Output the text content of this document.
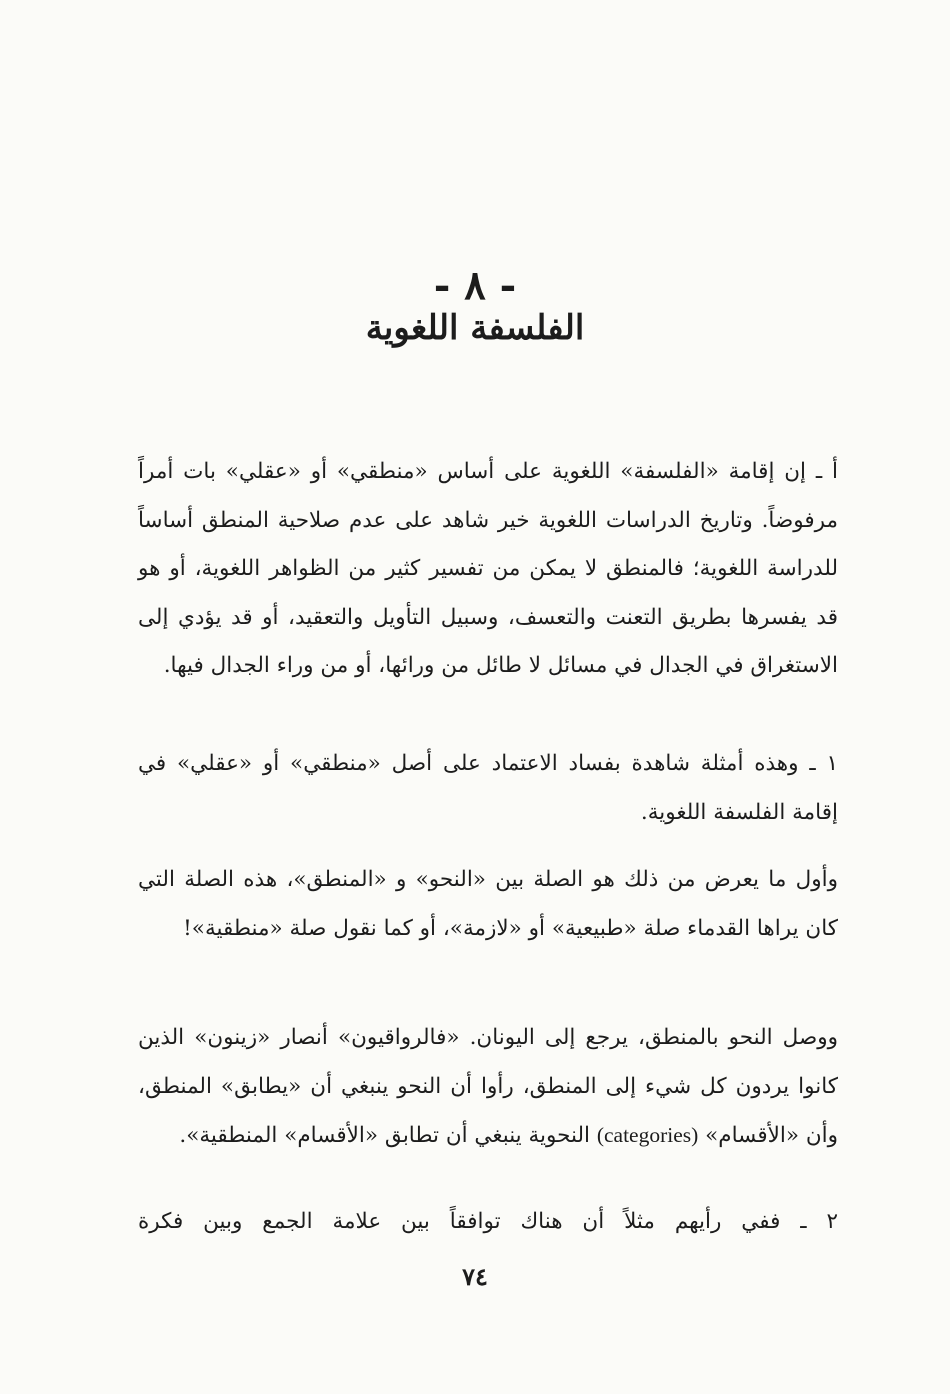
- ٨ -
الفلسفة اللغوية

أ ـ إن إقامة «الفلسفة» اللغوية على أساس «منطقي» أو «عقلي» بات أمراً مرفوضاً. وتاريخ الدراسات اللغوية خير شاهد على عدم صلاحية المنطق أساساً للدراسة اللغوية؛ فالمنطق لا يمكن من تفسير كثير من الظواهر اللغوية، أو هو قد يفسرها بطريق التعنت والتعسف، وسبيل التأويل والتعقيد، أو قد يؤدي إلى الاستغراق في الجدال في مسائل لا طائل من ورائها، أو من وراء الجدال فيها.

١ ـ وهذه أمثلة شاهدة بفساد الاعتماد على أصل «منطقي» أو «عقلي» في إقامة الفلسفة اللغوية.

وأول ما يعرض من ذلك هو الصلة بين «النحو» و «المنطق»، هذه الصلة التي كان يراها القدماء صلة «طبيعية» أو «لازمة»، أو كما نقول صلة «منطقية»!

ووصل النحو بالمنطق، يرجع إلى اليونان. «فالرواقيون» أنصار «زينون» الذين كانوا يردون كل شيء إلى المنطق، رأوا أن النحو ينبغي أن «يطابق» المنطق، وأن «الأقسام» (categories) النحوية ينبغي أن تطابق «الأقسام» المنطقية».

٢ ـ ففي رأيهم مثلاً أن هناك توافقاً بين علامة الجمع وبين فكرة

٧٤
